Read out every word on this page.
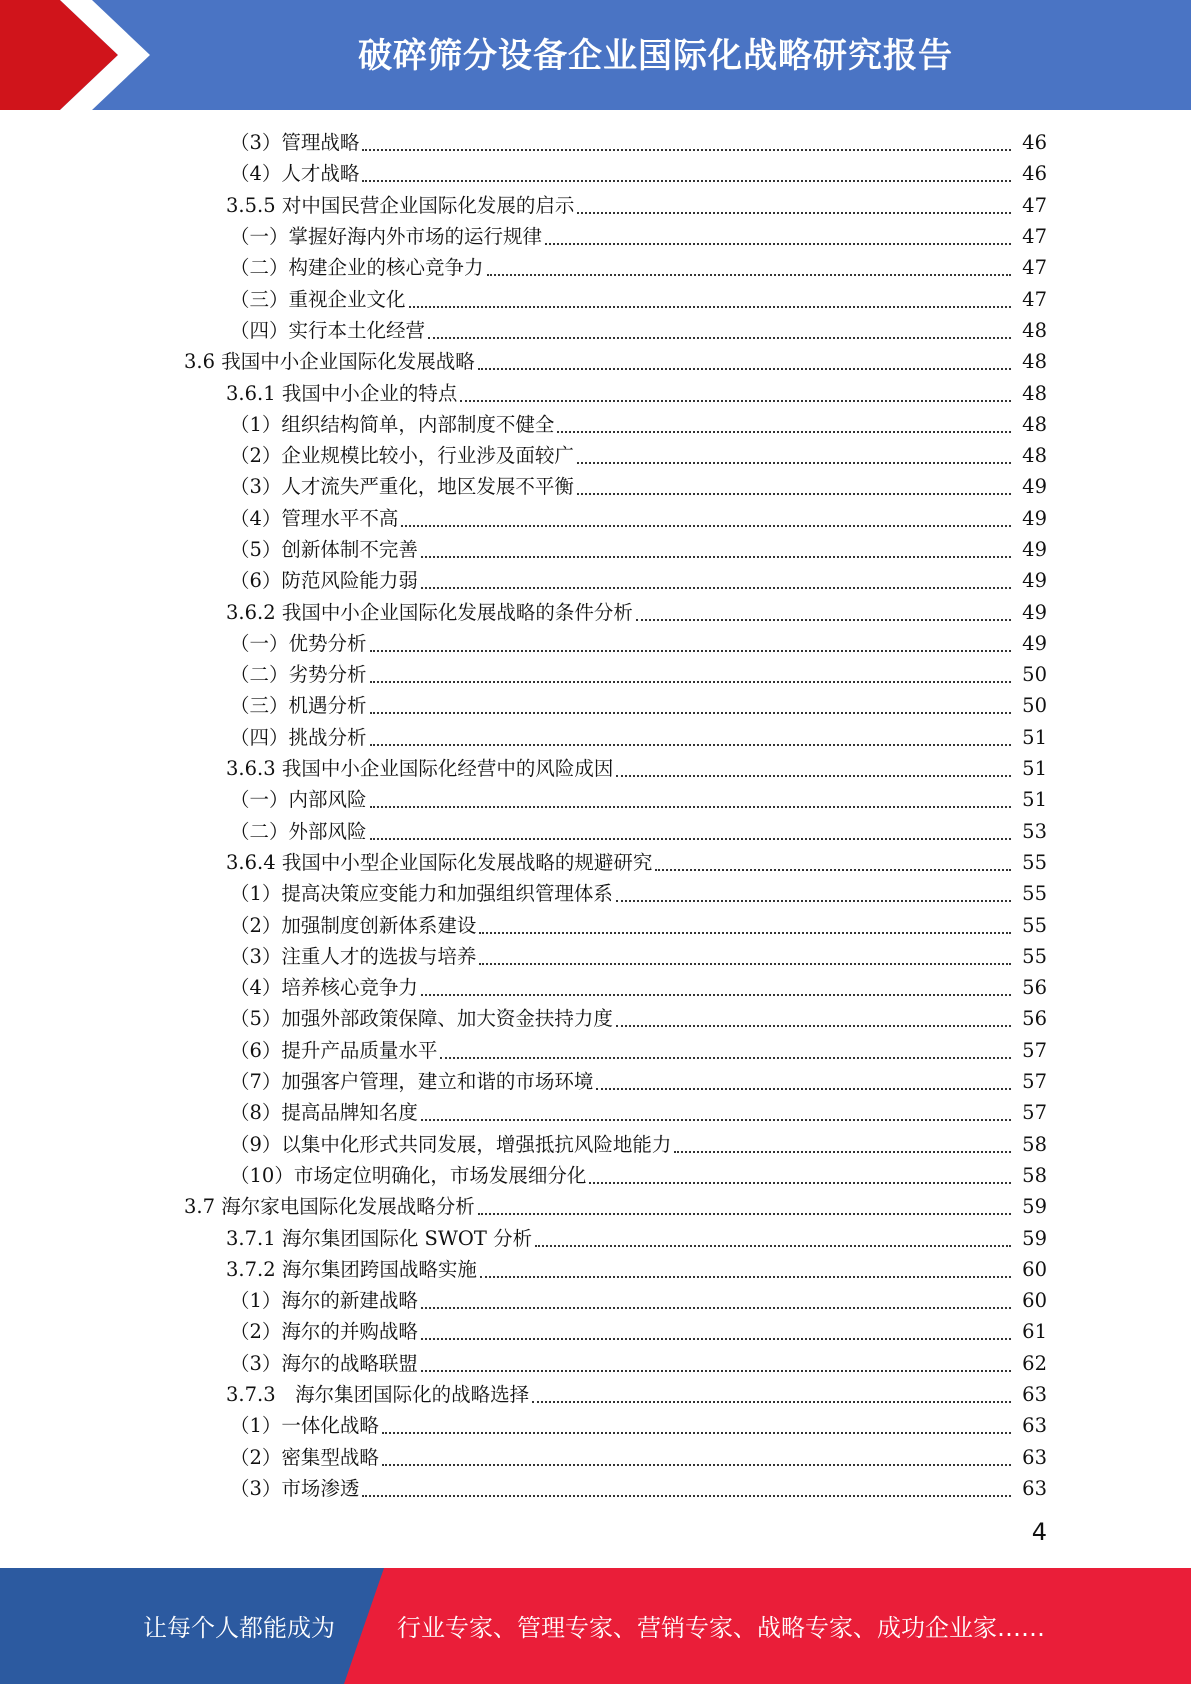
破碎筛分设备企业国际化战略研究报告
（3）管理战略	46
（4）人才战略	46
3.5.5 对中国民营企业国际化发展的启示	47
（一）掌握好海内外市场的运行规律	47
（二）构建企业的核心竞争力	47
（三）重视企业文化	47
（四）实行本土化经营	48
3.6 我国中小企业国际化发展战略	48
3.6.1 我国中小企业的特点	48
（1）组织结构简单，内部制度不健全	48
（2）企业规模比较小，行业涉及面较广	48
（3）人才流失严重化，地区发展不平衡	49
（4）管理水平不高	49
（5）创新体制不完善	49
（6）防范风险能力弱	49
3.6.2 我国中小企业国际化发展战略的条件分析	49
（一）优势分析	49
（二）劣势分析	50
（三）机遇分析	50
（四）挑战分析	51
3.6.3 我国中小企业国际化经营中的风险成因	51
（一）内部风险	51
（二）外部风险	53
3.6.4 我国中小型企业国际化发展战略的规避研究	55
（1）提高决策应变能力和加强组织管理体系	55
（2）加强制度创新体系建设	55
（3）注重人才的选拔与培养	55
（4）培养核心竞争力	56
（5）加强外部政策保障、加大资金扶持力度	56
（6）提升产品质量水平	57
（7）加强客户管理，建立和谐的市场环境	57
（8）提高品牌知名度	57
（9）以集中化形式共同发展，增强抵抗风险地能力	58
（10）市场定位明确化，市场发展细分化	58
3.7 海尔家电国际化发展战略分析	59
3.7.1 海尔集团国际化 SWOT 分析	59
3.7.2 海尔集团跨国战略实施	60
（1）海尔的新建战略	60
（2）海尔的并购战略	61
（3）海尔的战略联盟	62
3.7.3　海尔集团国际化的战略选择	63
（1）一体化战略	63
（2）密集型战略	63
（3）市场渗透	63
4
让每个人都能成为	行业专家、管理专家、营销专家、战略专家、成功企业家……
